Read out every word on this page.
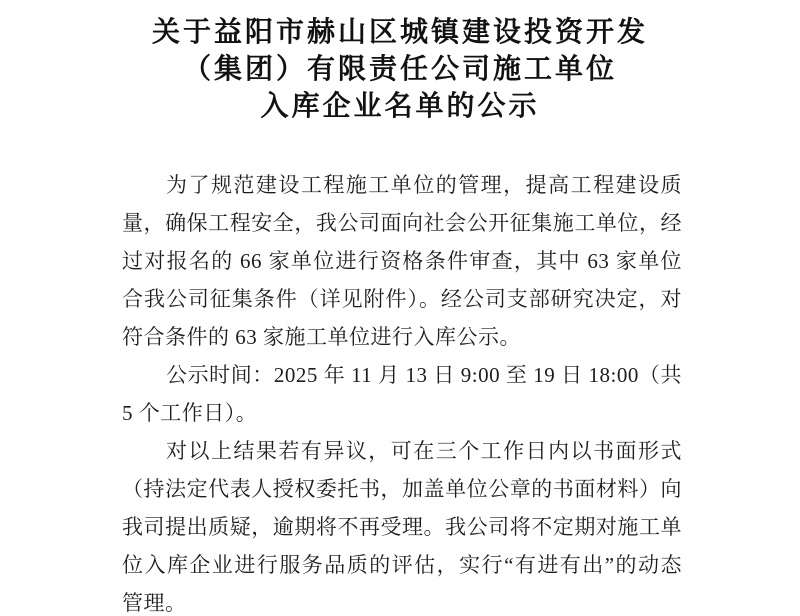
关于益阳市赫山区城镇建设投资开发
（集团）有限责任公司施工单位
入库企业名单的公示
为了规范建设工程施工单位的管理，提高工程建设质
量，确保工程安全，我公司面向社会公开征集施工单位，经
过对报名的 66 家单位进行资格条件审查，其中 63 家单位
合我公司征集条件（详见附件）。经公司支部研究决定，对
符合条件的 63 家施工单位进行入库公示。
公示时间：2025 年 11 月 13 日 9:00 至 19 日 18:00（共
5 个工作日）。
对以上结果若有异议，可在三个工作日内以书面形式
（持法定代表人授权委托书，加盖单位公章的书面材料）向
我司提出质疑，逾期将不再受理。我公司将不定期对施工单
位入库企业进行服务品质的评估，实行“有进有出”的动态
管理。
